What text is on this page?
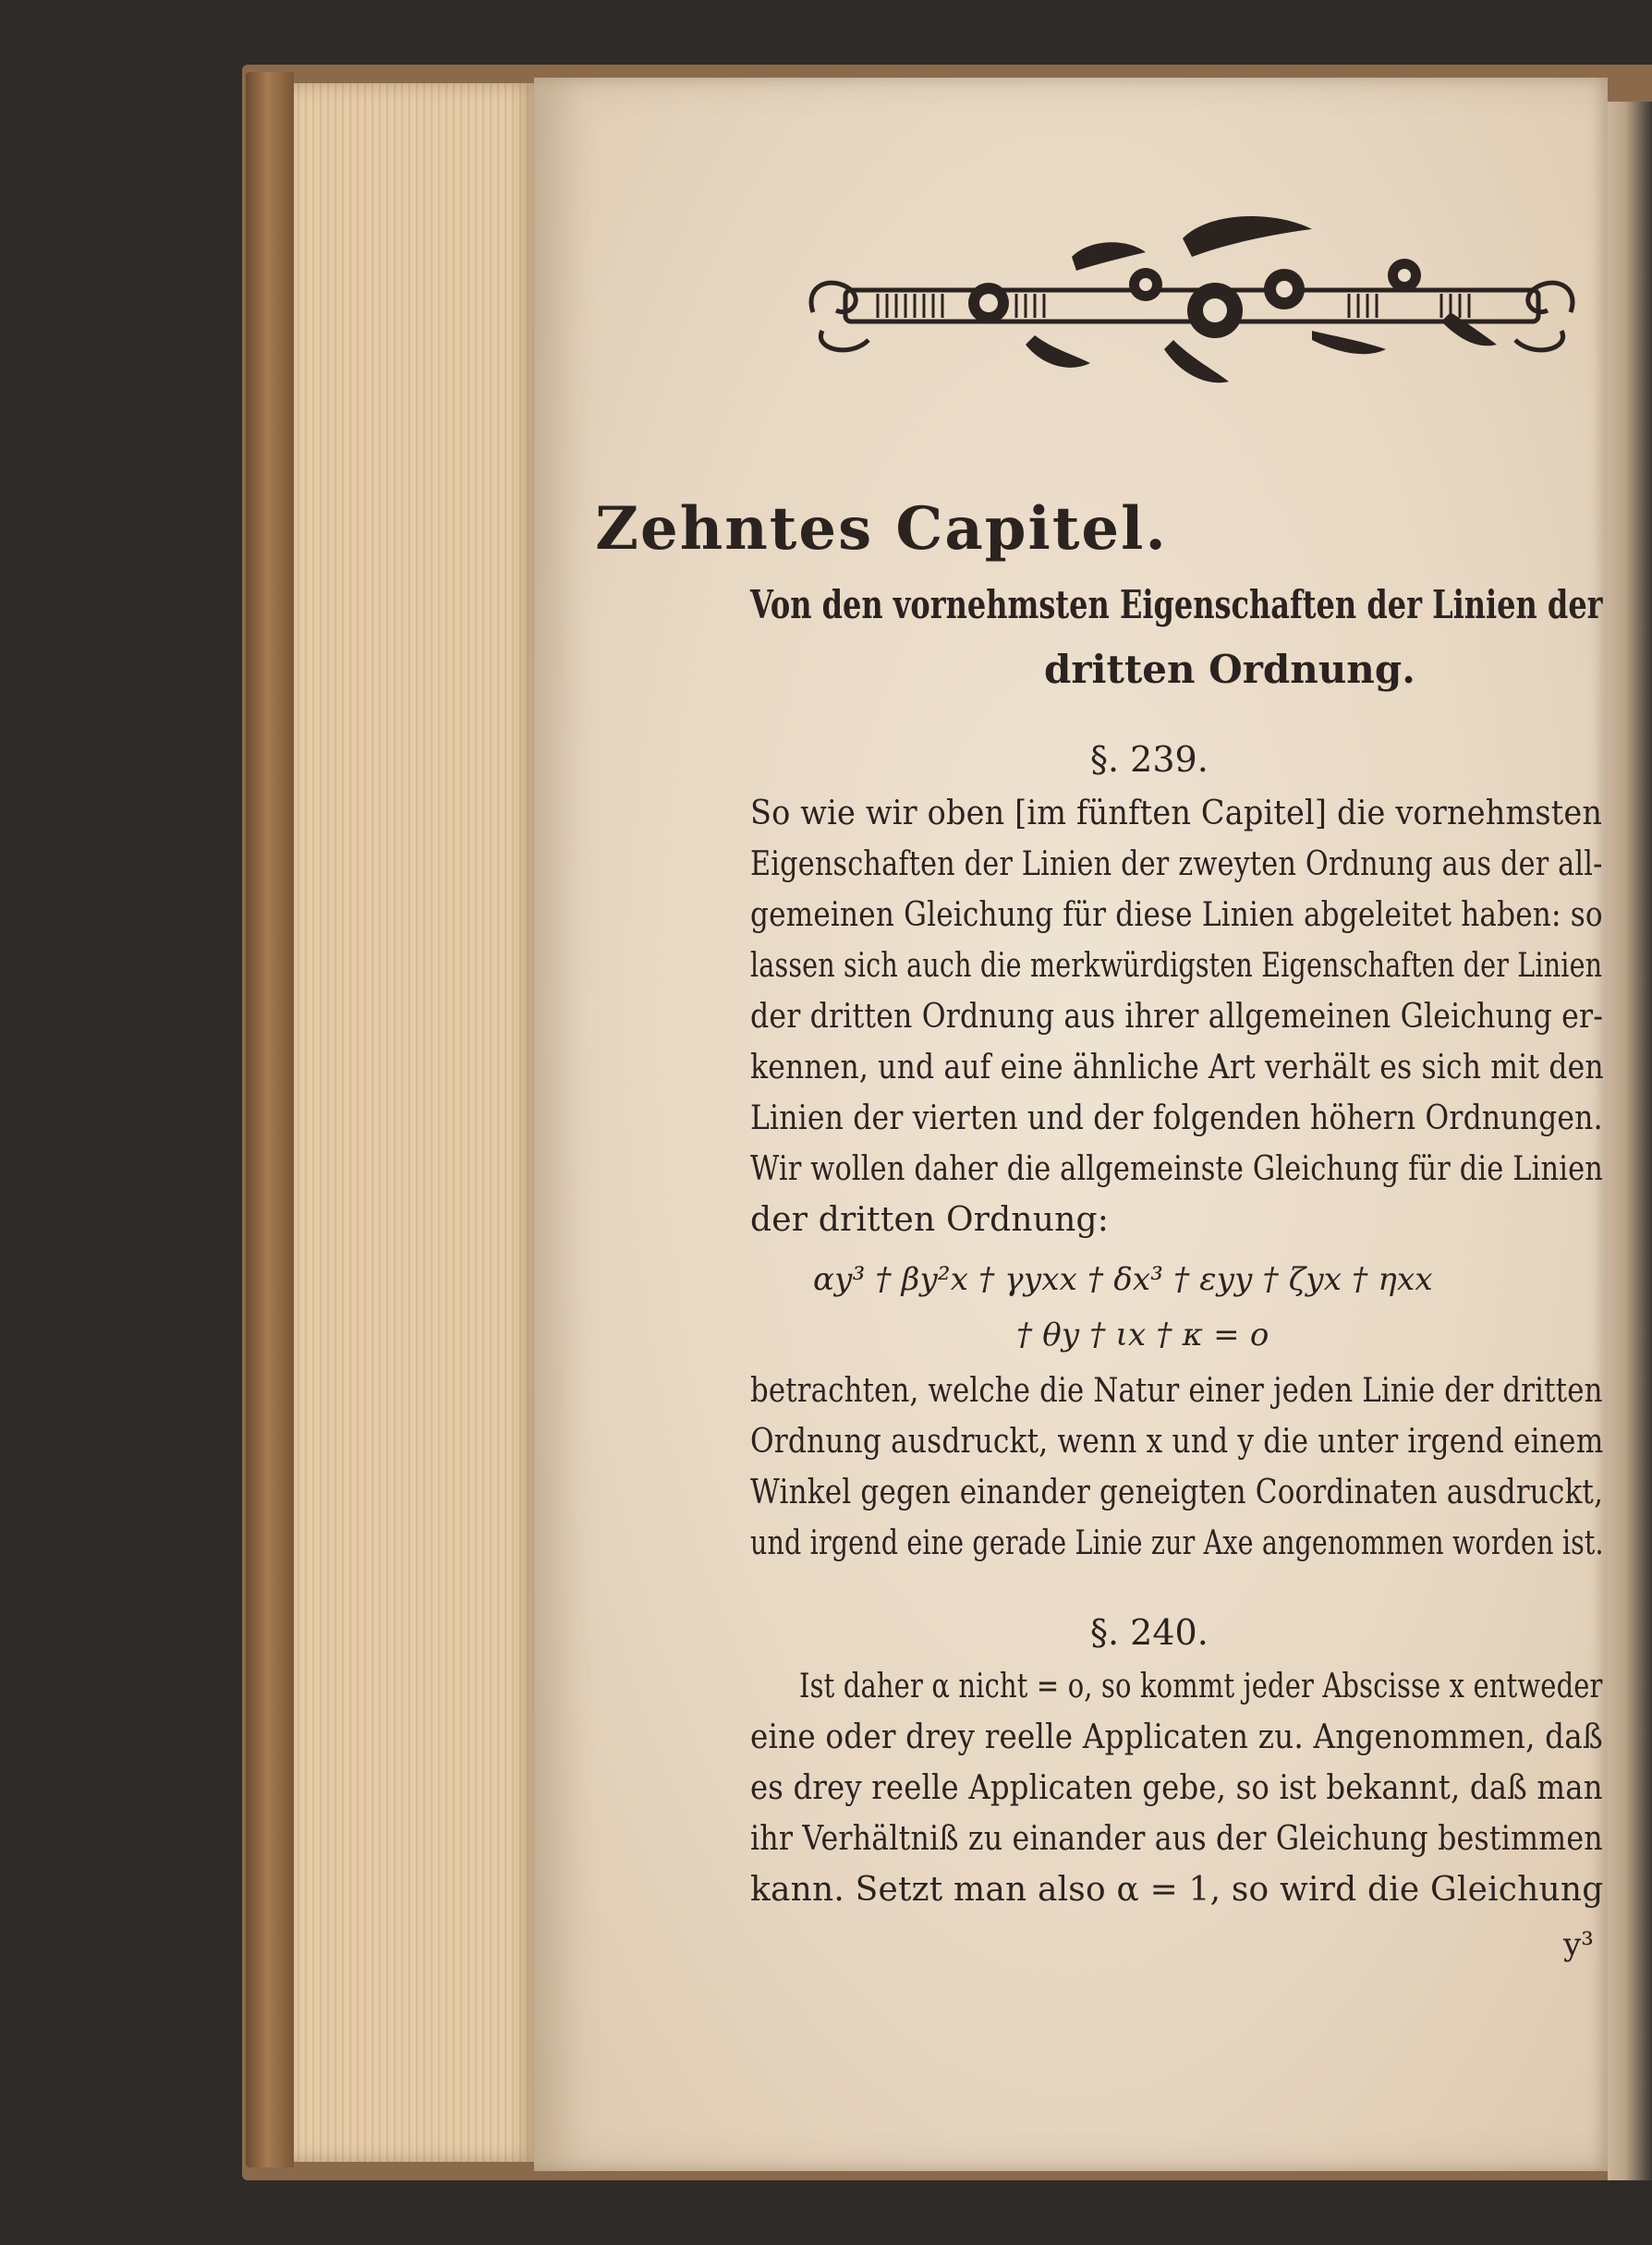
Zehntes Capitel.
Von den vornehmsten Eigenschaften der Linien der
dritten Ordnung.
§. 239.
So wie wir oben [im fünften Capitel] die vornehmsten
Eigenschaften der Linien der zweyten Ordnung aus der all-
gemeinen Gleichung für diese Linien abgeleitet haben: so
lassen sich auch die merkwürdigsten Eigenschaften der Linien
der dritten Ordnung aus ihrer allgemeinen Gleichung er-
kennen, und auf eine ähnliche Art verhält es sich mit den
Linien der vierten und der folgenden höhern Ordnungen.
Wir wollen daher die allgemeinste Gleichung für die Linien
der dritten Ordnung:
αy³ † βy²x † γyxx † δx³ † εyy † ζyx † ηxx
† θy † ιx † κ = o
betrachten, welche die Natur einer jeden Linie der dritten
Ordnung ausdruckt, wenn x und y die unter irgend einem
Winkel gegen einander geneigten Coordinaten ausdruckt,
und irgend eine gerade Linie zur Axe angenommen worden ist.
§. 240.
Ist daher α nicht = o, so kommt jeder Abscisse x entweder
eine oder drey reelle Applicaten zu. Angenommen, daß
es drey reelle Applicaten gebe, so ist bekannt, daß man
ihr Verhältniß zu einander aus der Gleichung bestimmen
kann. Setzt man also α = 1, so wird die Gleichung
y³
